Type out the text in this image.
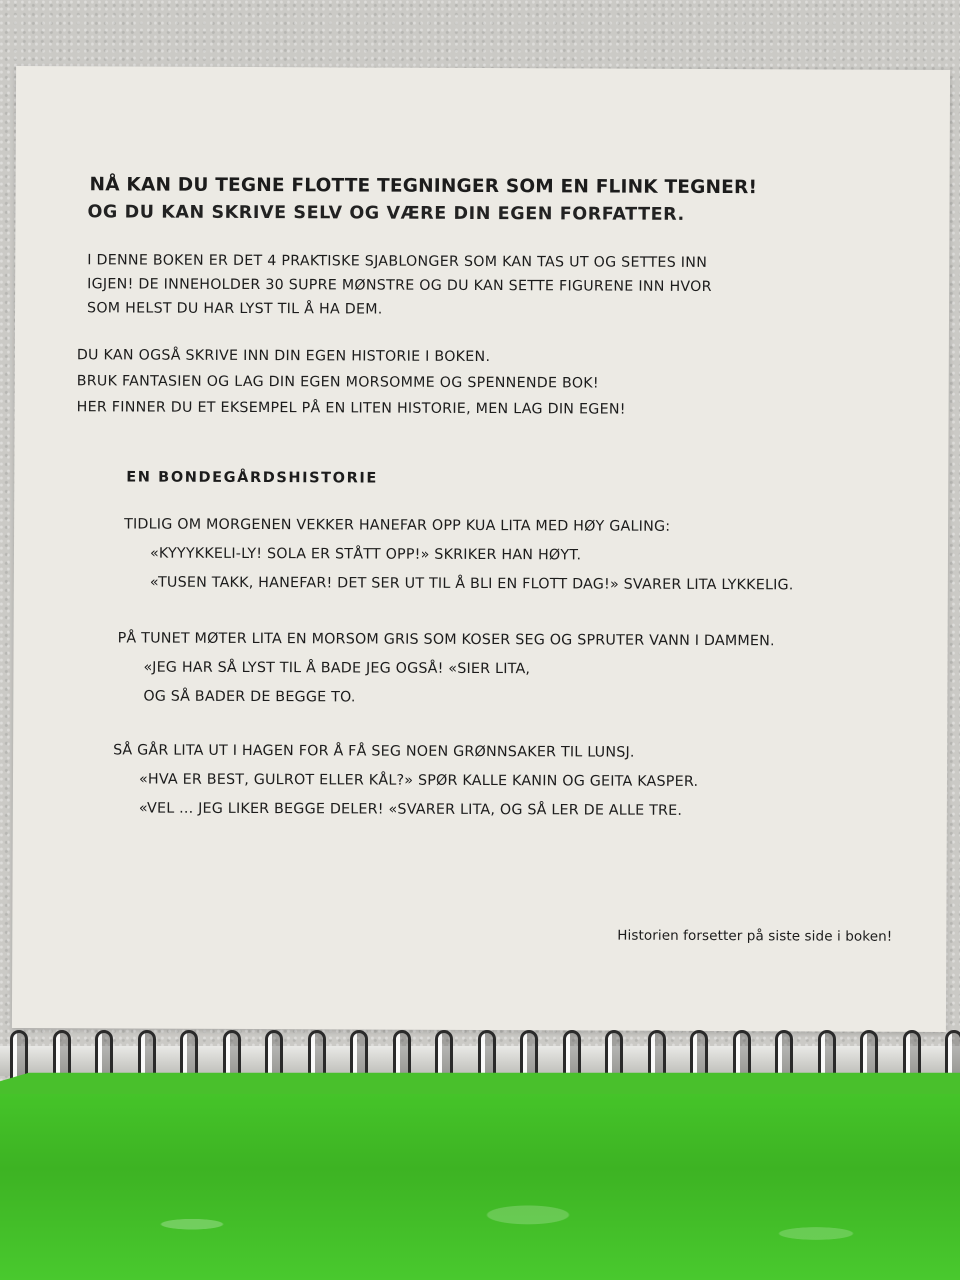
NÅ KAN DU TEGNE FLOTTE TEGNINGER SOM EN FLINK TEGNER!
OG DU KAN SKRIVE SELV OG VÆRE DIN EGEN FORFATTER.
I DENNE BOKEN ER DET 4 PRAKTISKE SJABLONGER SOM KAN TAS UT OG SETTES INN
IGJEN! DE INNEHOLDER 30 SUPRE MØNSTRE OG DU KAN SETTE FIGURENE INN HVOR
SOM HELST DU HAR LYST TIL Å HA DEM.
DU KAN OGSÅ SKRIVE INN DIN EGEN HISTORIE I BOKEN.
BRUK FANTASIEN OG LAG DIN EGEN MORSOMME OG SPENNENDE BOK!
HER FINNER DU ET EKSEMPEL PÅ EN LITEN HISTORIE, MEN LAG DIN EGEN!
EN BONDEGÅRDSHISTORIE
TIDLIG OM MORGENEN VEKKER HANEFAR OPP KUA LITA MED HØY GALING:
«KYYYKKELI-LY! SOLA ER STÅTT OPP!» SKRIKER HAN HØYT.
«TUSEN TAKK, HANEFAR! DET SER UT TIL Å BLI EN FLOTT DAG!» SVARER LITA LYKKELIG.
PÅ TUNET MØTER LITA EN MORSOM GRIS SOM KOSER SEG OG SPRUTER VANN I DAMMEN.
«JEG HAR SÅ LYST TIL Å BADE JEG OGSÅ! «SIER LITA,
OG SÅ BADER DE BEGGE TO.
SÅ GÅR LITA UT I HAGEN FOR Å FÅ SEG NOEN GRØNNSAKER TIL LUNSJ.
«HVA ER BEST, GULROT ELLER KÅL?» SPØR KALLE KANIN OG GEITA KASPER.
«VEL ... JEG LIKER BEGGE DELER! «SVARER LITA, OG SÅ LER DE ALLE TRE.
Historien forsetter på siste side i boken!
